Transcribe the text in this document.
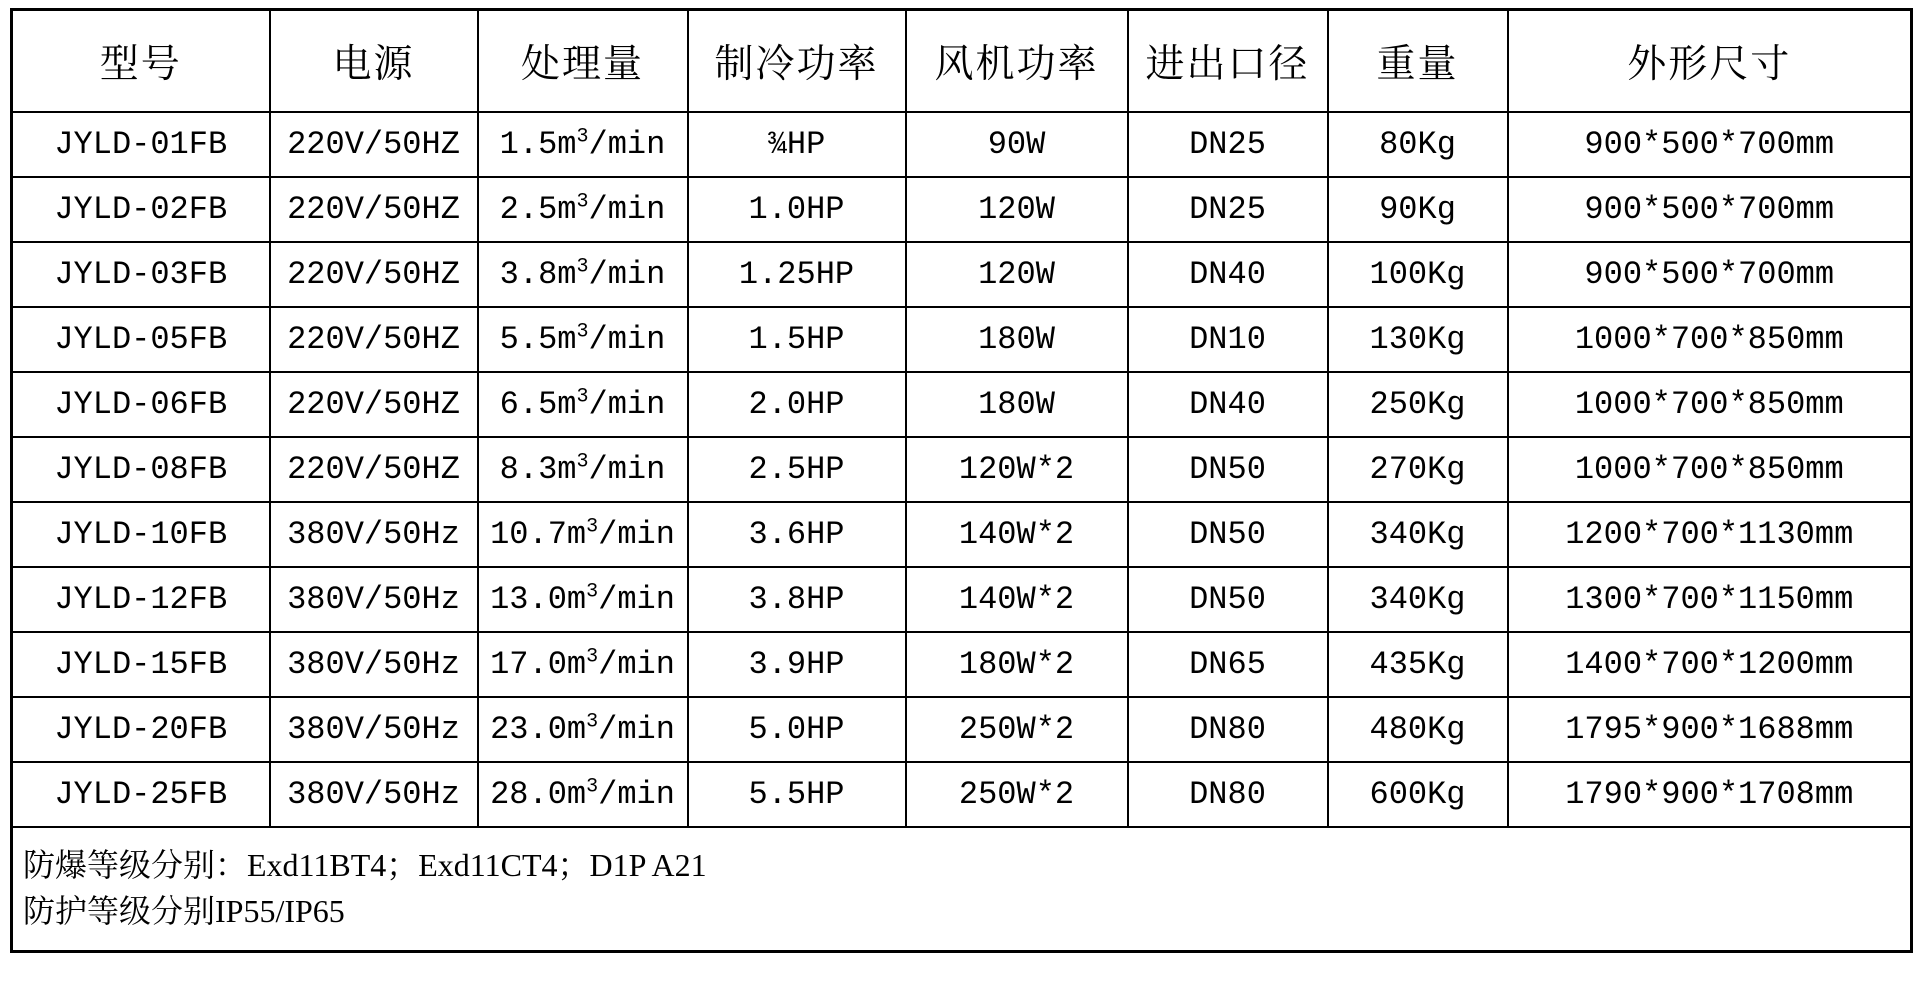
型号	电源	处理量	制冷功率	风机功率	进出口径	重量	外形尺寸
JYLD-01FB	220V/50HZ	$1.5m^3/\min$	¾HP	90W	DN25	80Kg	900*500*700mm
JYLD-02FB	220V/50HZ	$2.5m^3/\min$	1.0HP	120W	DN25	90Kg	900*500*700mm
JYLD-03FB	220V/50HZ	$3.8m^3/\min$	1.25HP	120W	DN40	100Kg	900*500*700mm
JYLD-05FB	220V/50HZ	$5.5m^3/\min$	1.5HP	180W	DN10	130Kg	1000*700*850mm
JYLD-06FB	220V/50HZ	$6.5m^3/\min$	2.0HP	180W	DN40	250Kg	1000*700*850mm
JYLD-08FB	220V/50HZ	$8.3m^3/\min$	2.5HP	120W*2	DN50	270Kg	1000*700*850mm
JYLD-10FB	380V/50Hz	$10.7m^3/\min$	3.6HP	140W*2	DN50	340Kg	1200*700*1130mm
JYLD-12FB	380V/50Hz	$13.0m^3/\min$	3.8HP	140W*2	DN50	340Kg	1300*700*1150mm
JYLD-15FB	380V/50Hz	$17.0m^3/\min$	3.9HP	180W*2	DN65	435Kg	1400*700*1200mm
JYLD-20FB	380V/50Hz	$23.0m^3/\min$	5.0HP	250W*2	DN80	480Kg	1795*900*1688mm
JYLD-25FB	380V/50Hz	$28.0m^3/\min$	5.5HP	250W*2	DN80	600Kg	1790*900*1708mm

防爆等级分别：Exd11BT4；Exd11CT4；D1P A21
防护等级分别IP55/IP65							
